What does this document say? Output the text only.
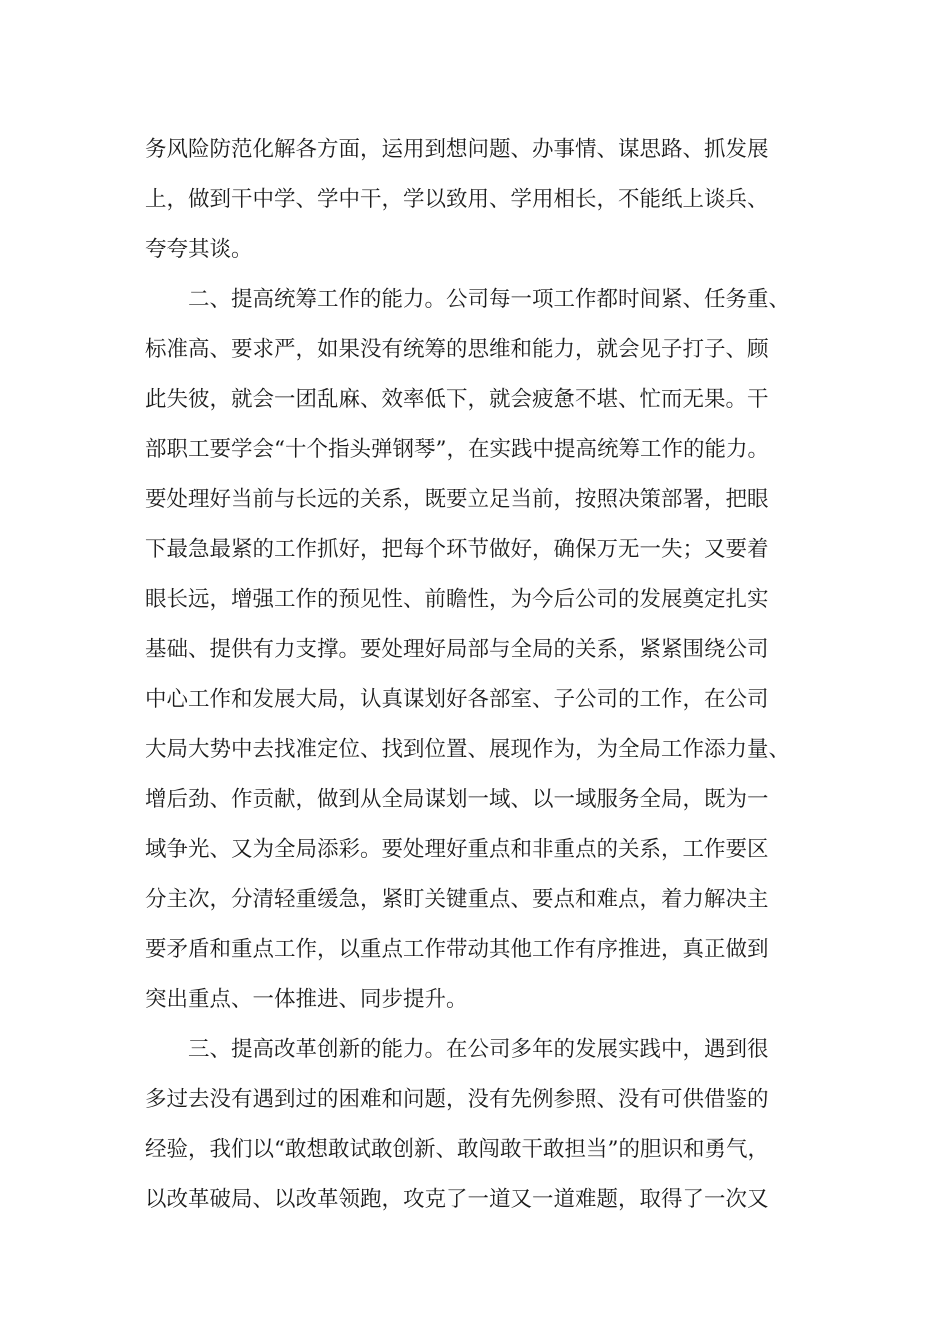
务风险防范化解各方面，运用到想问题、办事情、谋思路、抓发展
上，做到干中学、学中干，学以致用、学用相长，不能纸上谈兵、
夸夸其谈。
　　二、提高统筹工作的能力。公司每一项工作都时间紧、任务重、
标准高、要求严，如果没有统筹的思维和能力，就会见子打子、顾
此失彼，就会一团乱麻、效率低下，就会疲惫不堪、忙而无果。干
部职工要学会“十个指头弹钢琴”，在实践中提高统筹工作的能力。
要处理好当前与长远的关系，既要立足当前，按照决策部署，把眼
下最急最紧的工作抓好，把每个环节做好，确保万无一失；又要着
眼长远，增强工作的预见性、前瞻性，为今后公司的发展奠定扎实
基础、提供有力支撑。要处理好局部与全局的关系，紧紧围绕公司
中心工作和发展大局，认真谋划好各部室、子公司的工作，在公司
大局大势中去找准定位、找到位置、展现作为，为全局工作添力量、
增后劲、作贡献，做到从全局谋划一域、以一域服务全局，既为一
域争光、又为全局添彩。要处理好重点和非重点的关系，工作要区
分主次，分清轻重缓急，紧盯关键重点、要点和难点，着力解决主
要矛盾和重点工作，以重点工作带动其他工作有序推进，真正做到
突出重点、一体推进、同步提升。
　　三、提高改革创新的能力。在公司多年的发展实践中，遇到很
多过去没有遇到过的困难和问题，没有先例参照、没有可供借鉴的
经验，我们以“敢想敢试敢创新、敢闯敢干敢担当”的胆识和勇气，
以改革破局、以改革领跑，攻克了一道又一道难题，取得了一次又
